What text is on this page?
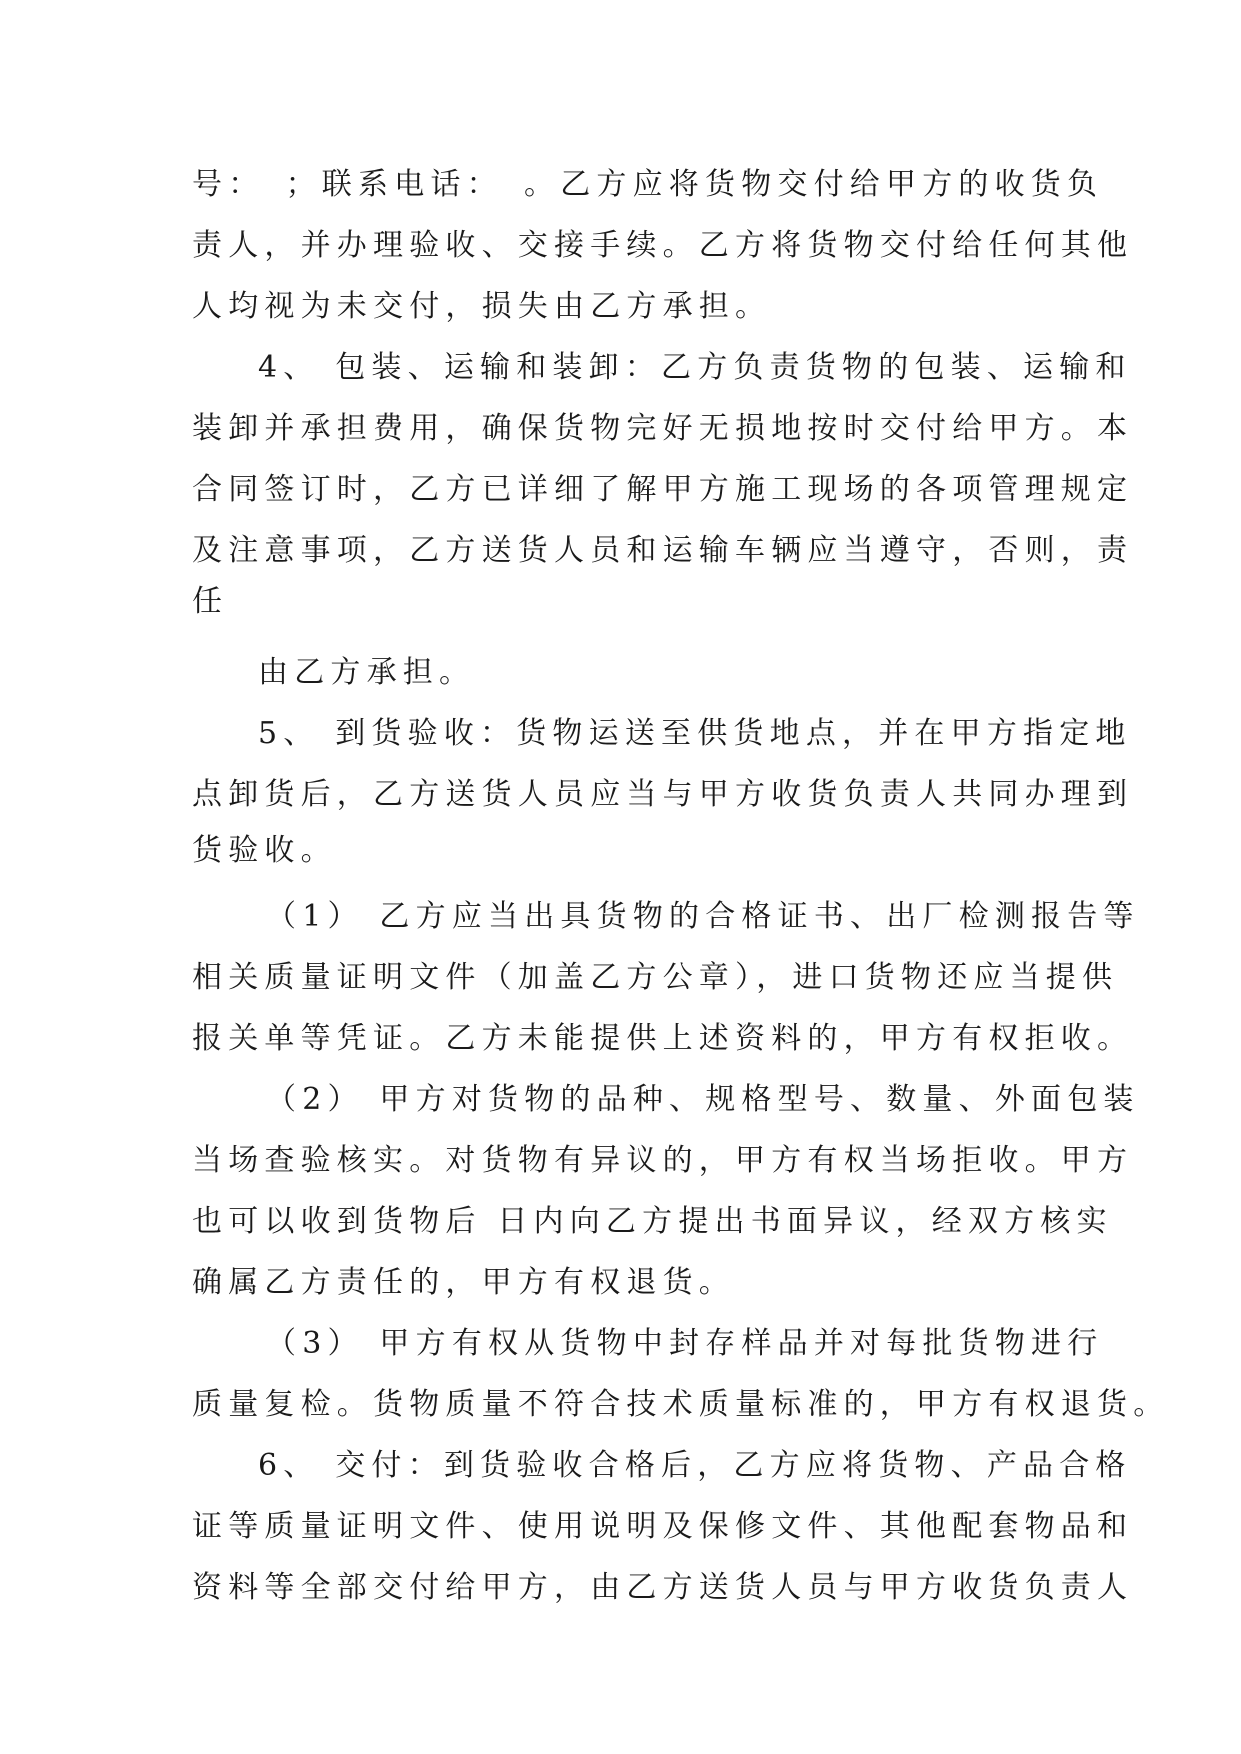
号：　；联系电话：　。乙方应将货物交付给甲方的收货负
责人，并办理验收、交接手续。乙方将货物交付给任何其他
人均视为未交付，损失由乙方承担。
4、 包装、运输和装卸：乙方负责货物的包装、运输和
装卸并承担费用，确保货物完好无损地按时交付给甲方。本
合同签订时，乙方已详细了解甲方施工现场的各项管理规定
及注意事项，乙方送货人员和运输车辆应当遵守，否则，责
任
由乙方承担。
5、 到货验收：货物运送至供货地点，并在甲方指定地
点卸货后，乙方送货人员应当与甲方收货负责人共同办理到
货验收。
（1） 乙方应当出具货物的合格证书、出厂检测报告等
相关质量证明文件（加盖乙方公章），进口货物还应当提供
报关单等凭证。乙方未能提供上述资料的，甲方有权拒收。
（2） 甲方对货物的品种、规格型号、数量、外面包装
当场查验核实。对货物有异议的，甲方有权当场拒收。甲方
也可以收到货物后 日内向乙方提出书面异议，经双方核实
确属乙方责任的，甲方有权退货。
（3） 甲方有权从货物中封存样品并对每批货物进行
质量复检。货物质量不符合技术质量标准的，甲方有权退货。
6、 交付：到货验收合格后，乙方应将货物、产品合格
证等质量证明文件、使用说明及保修文件、其他配套物品和
资料等全部交付给甲方，由乙方送货人员与甲方收货负责人
